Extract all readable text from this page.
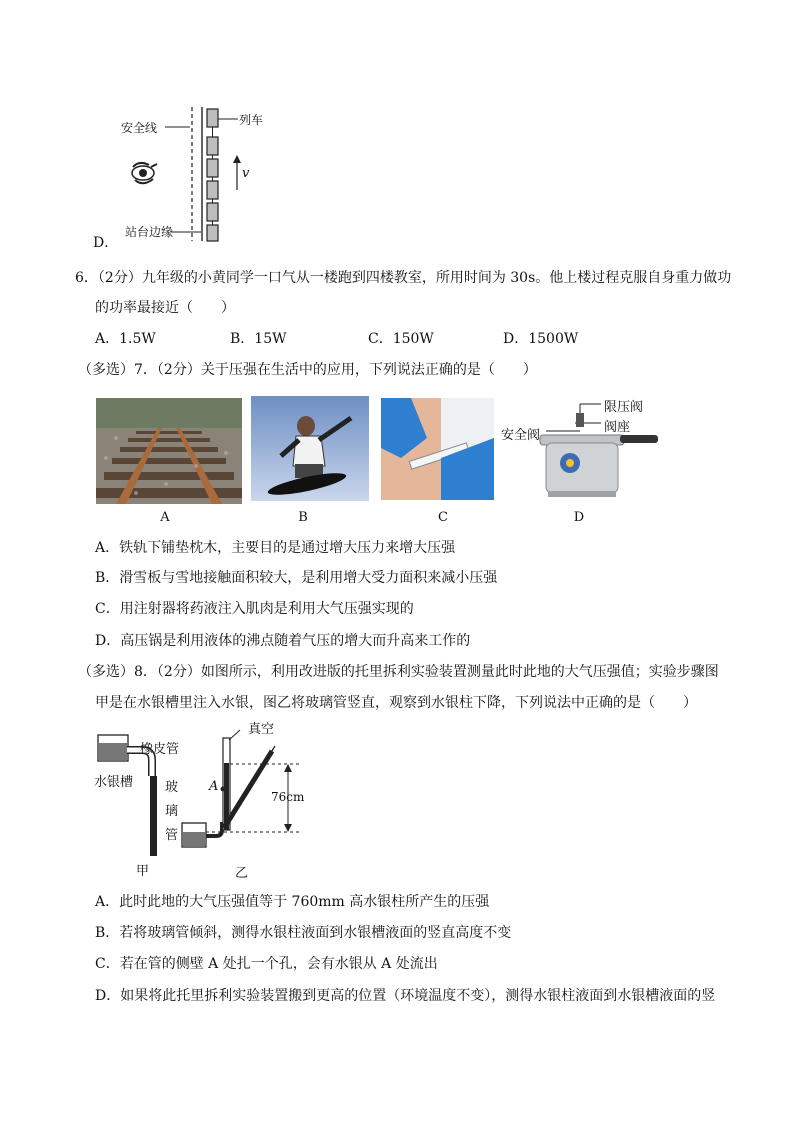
安全线
列车
站台边缘
v
D．
6．（2分）九年级的小黄同学一口气从一楼跑到四楼教室，所用时间为 30s。他上楼过程克服自身重力做功
的功率最接近（　　）
A．1.5W	B．15W	C．150W	D．1500W
（多选）7．（2分）关于压强在生活中的应用，下列说法正确的是（　　）
限压阀
安全阀
阀座
A	B	C	D
A．铁轨下铺垫枕木，主要目的是通过增大压力来增大压强
B．滑雪板与雪地接触面积较大，是利用增大受力面积来减小压强
C．用注射器将药液注入肌肉是利用大气压强实现的
D．高压锅是利用液体的沸点随着气压的增大而升高来工作的
（多选）8．（2分）如图所示，利用改进版的托里拆利实验装置测量此时此地的大气压强值；实验步骤图
甲是在水银槽里注入水银，图乙将玻璃管竖直，观察到水银柱下降，下列说法中正确的是（　　）
橡皮管
水银槽 玻璃管
真空
A
76cm
甲	乙
A．此时此地的大气压强值等于 760mm 高水银柱所产生的压强
B．若将玻璃管倾斜，测得水银柱液面到水银槽液面的竖直高度不变
C．若在管的侧壁 A 处扎一个孔，会有水银从 A 处流出
D．如果将此托里拆利实验装置搬到更高的位置（环境温度不变），测得水银柱液面到水银槽液面的竖
